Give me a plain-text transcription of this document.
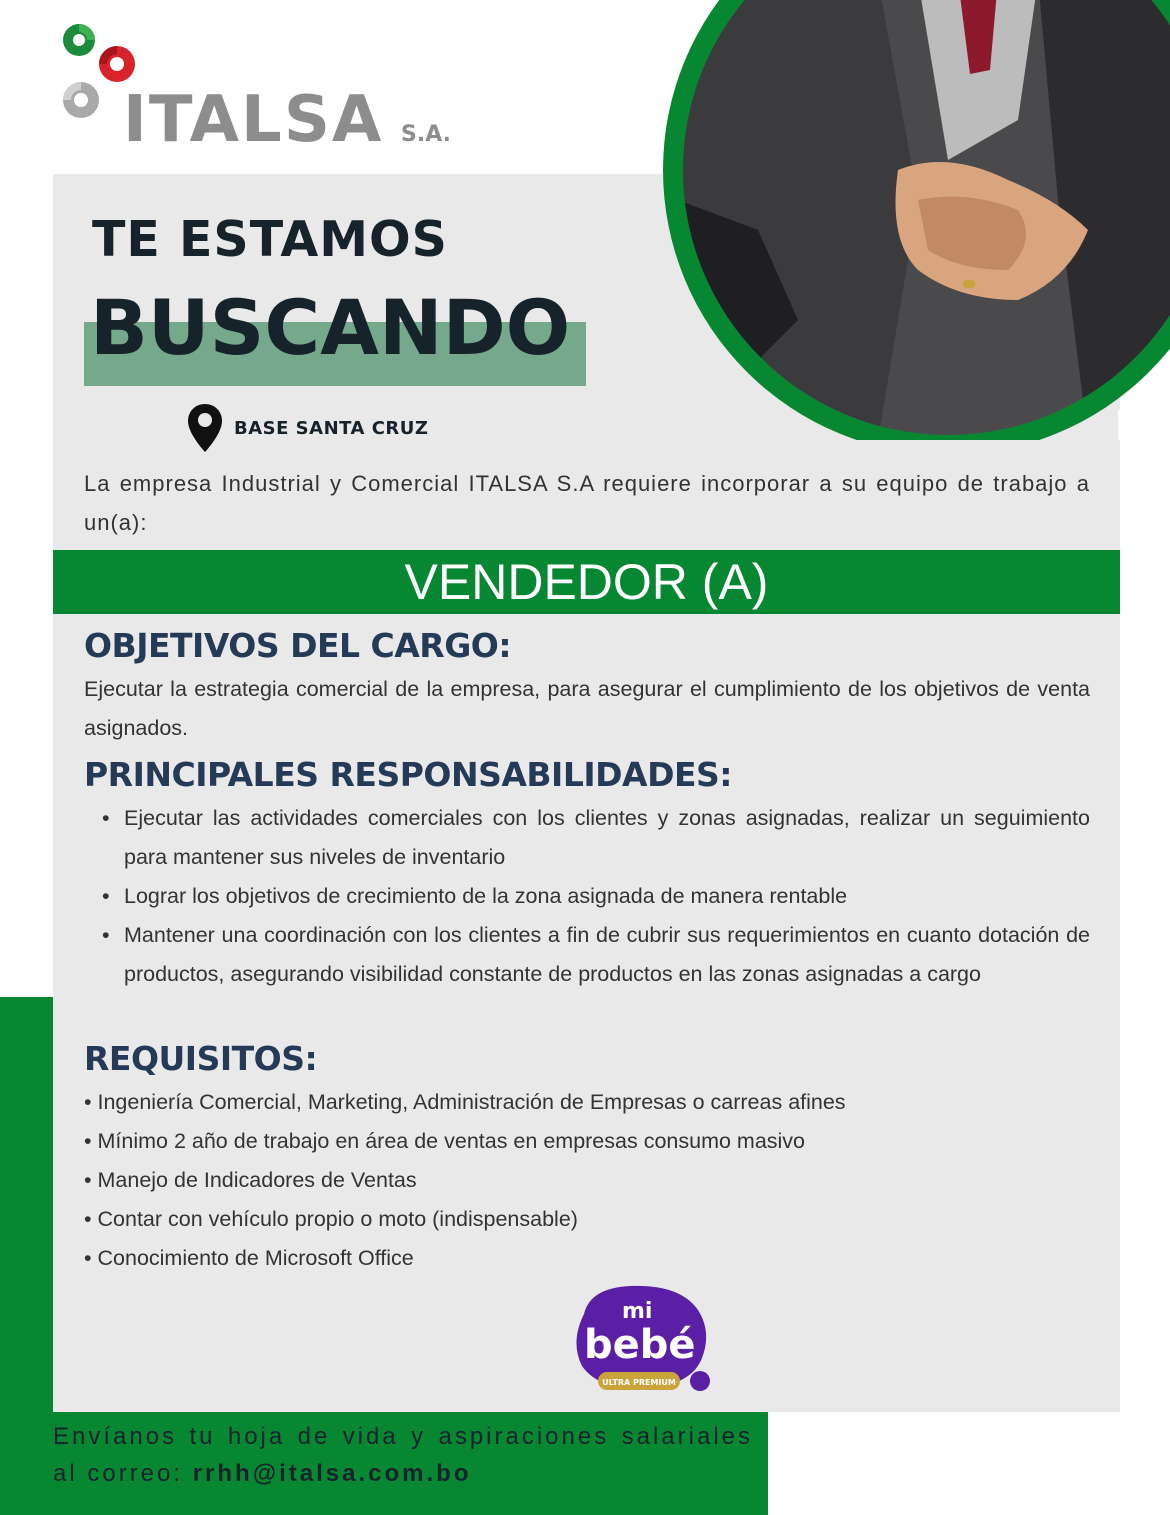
ITALSA S.A.
TE ESTAMOS
BUSCANDO
BASE SANTA CRUZ
La empresa Industrial y Comercial ITALSA S.A requiere incorporar a su equipo de trabajo a un(a):
VENDEDOR (A)
OBJETIVOS DEL CARGO:
Ejecutar la estrategia comercial de la empresa, para asegurar el cumplimiento de los objetivos de venta asignados.
PRINCIPALES RESPONSABILIDADES:
• Ejecutar las actividades comerciales con los clientes y zonas asignadas, realizar un seguimiento para mantener sus niveles de inventario
• Lograr los objetivos de crecimiento de la zona asignada de manera rentable
• Mantener una coordinación con los clientes a fin de cubrir sus requerimientos en cuanto dotación de productos, asegurando visibilidad constante de productos en las zonas asignadas a cargo
REQUISITOS:
• Ingeniería Comercial, Marketing, Administración de Empresas o carreas afines
• Mínimo 2 año de trabajo en área de ventas en empresas consumo masivo
• Manejo de Indicadores de Ventas
• Contar con vehículo propio o moto (indispensable)
• Conocimiento de Microsoft Office
mi
bebé
ULTRA PREMIUM
Envíanos tu hoja de vida y aspiraciones salariales al correo: rrhh@italsa.com.bo
